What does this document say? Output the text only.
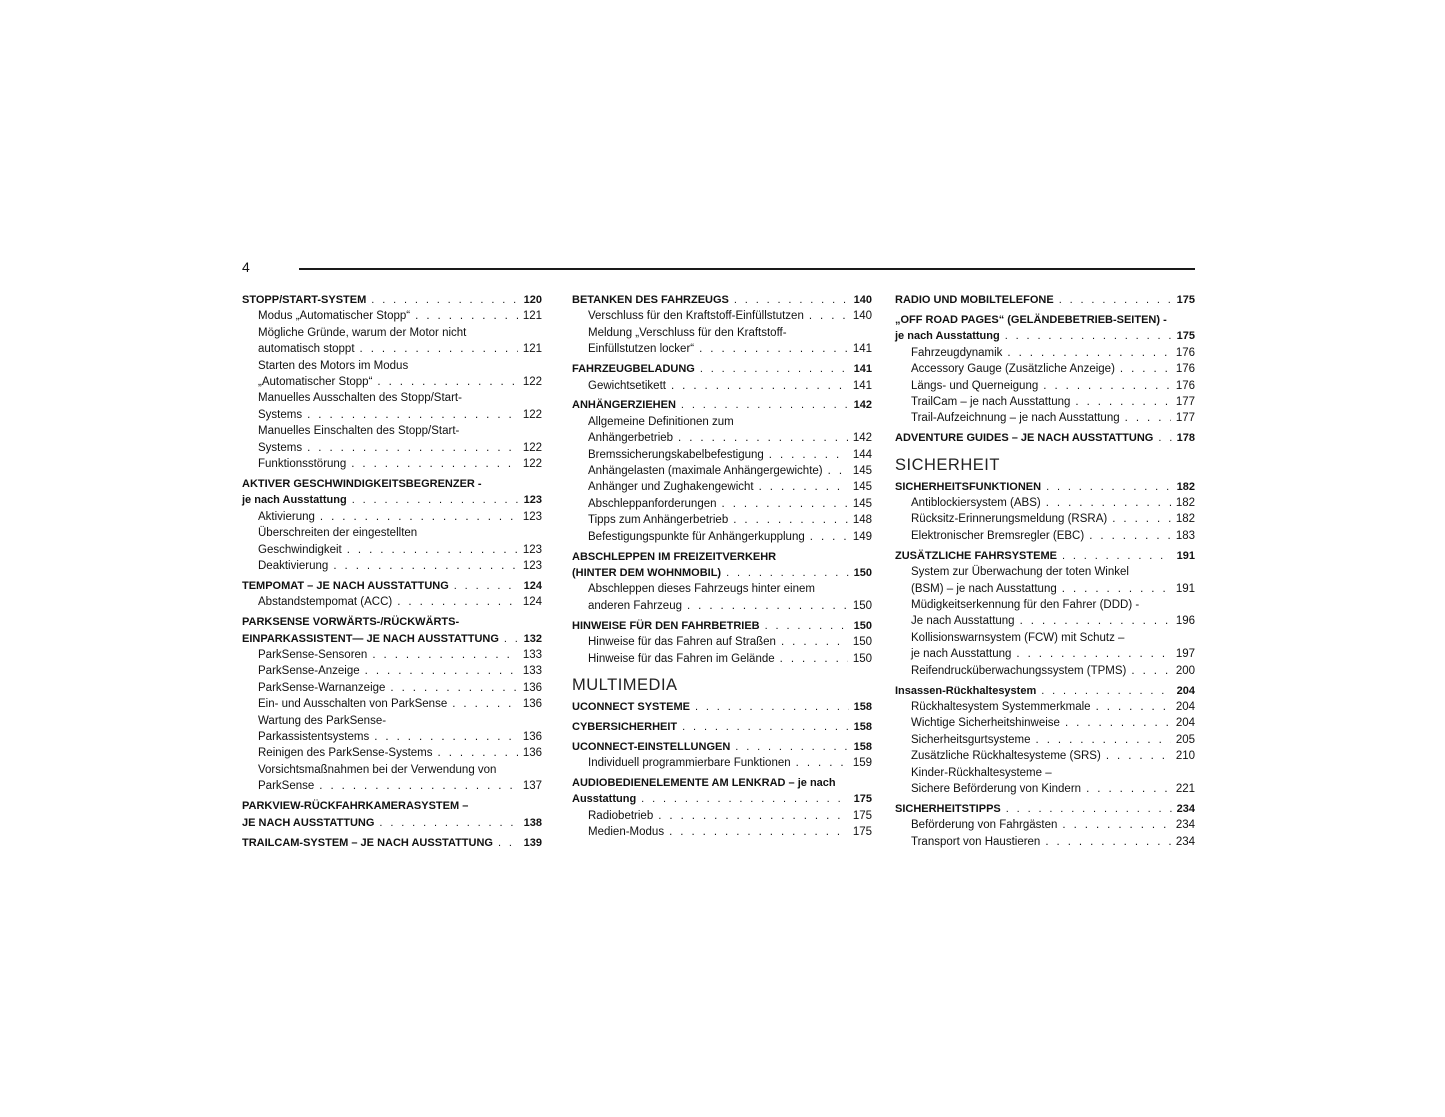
4
STOPP/START-SYSTEM . . .	120
Modus „Automatischer Stopp“ . . .	121
Mögliche Gründe, warum der Motor nicht
automatisch stoppt . . .	121
Starten des Motors im Modus
„Automatischer Stopp“ . . .	122
Manuelles Ausschalten des Stopp/Start-
Systems . . .	122
Manuelles Einschalten des Stopp/Start-
Systems . . .	122
Funktionsstörung . . .	122
AKTIVER GESCHWINDIGKEITSBEGRENZER -
je nach Ausstattung . . .	123
Aktivierung . . .	123
Überschreiten der eingestellten
Geschwindigkeit . . .	123
Deaktivierung . . .	123
TEMPOMAT – JE NACH AUSSTATTUNG . . .	124
Abstandstempomat (ACC) . . .	124
PARKSENSE VORWÄRTS-/RÜCKWÄRTS-
EINPARKASSISTENT— JE NACH AUSSTATTUNG . . . 132
ParkSense-Sensoren . . .	133
ParkSense-Anzeige . . .	133
ParkSense-Warnanzeige . . .	136
Ein- und Ausschalten von ParkSense . . .	136
Wartung des ParkSense-
Parkassistentsystems . . .	136
Reinigen des ParkSense-Systems . . .	136
Vorsichtsmaßnahmen bei der Verwendung von
ParkSense . . .	137
PARKVIEW-RÜCKFAHRKAMERASYSTEM –
JE NACH AUSSTATTUNG . . .	138
TRAILCAM-SYSTEM – JE NACH AUSSTATTUNG . . .	139
BETANKEN DES FAHRZEUGS . . .	140
Verschluss für den Kraftstoff-Einfüllstutzen . . .	140
Meldung „Verschluss für den Kraftstoff-
Einfüllstutzen locker“ . . .	141
FAHRZEUGBELADUNG . . .	141
Gewichtsetikett . . .	141
ANHÄNGERZIEHEN . . .	142
Allgemeine Definitionen zum
Anhängerbetrieb . . .	142
Bremssicherungskabelbefestigung . . .	144
Anhängelasten (maximale Anhängergewichte) . . .	145
Anhänger und Zughakengewicht . . .	145
Abschleppanforderungen . . .	145
Tipps zum Anhängerbetrieb . . .	148
Befestigungspunkte für Anhängerkupplung . . .	149
ABSCHLEPPEN IM FREIZEITVERKEHR
(HINTER DEM WOHNMOBIL) . . .	150
Abschleppen dieses Fahrzeugs hinter einem
anderen Fahrzeug . . .	150
HINWEISE FÜR DEN FAHRBETRIEB . . .	150
Hinweise für das Fahren auf Straßen . . .	150
Hinweise für das Fahren im Gelände . . .	150
MULTIMEDIA
UCONNECT SYSTEME . . .	158
CYBERSICHERHEIT . . .	158
UCONNECT-EINSTELLUNGEN . . .	158
Individuell programmierbare Funktionen . . .	159
AUDIOBEDIENELEMENTE AM LENKRAD – je nach
Ausstattung . . .	175
Radiobetrieb . . .	175
Medien-Modus . . .	175
RADIO UND MOBILTELEFONE . . .	175
„OFF ROAD PAGES“ (GELÄNDEBETRIEB-SEITEN) -
je nach Ausstattung . . .	175
Fahrzeugdynamik . . .	176
Accessory Gauge (Zusätzliche Anzeige) . . .	176
Längs- und Querneigung . . .	176
TrailCam – je nach Ausstattung . . .	177
Trail-Aufzeichnung – je nach Ausstattung . . .	177
ADVENTURE GUIDES – JE NACH AUSSTATTUNG . . . 178
SICHERHEIT
SICHERHEITSFUNKTIONEN . . .	182
Antiblockiersystem (ABS) . . .	182
Rücksitz-Erinnerungsmeldung (RSRA) . . .	182
Elektronischer Bremsregler (EBC) . . .	183
ZUSÄTZLICHE FAHRSYSTEME . . .	191
System zur Überwachung der toten Winkel
(BSM) – je nach Ausstattung . . .	191
Müdigkeitserkennung für den Fahrer (DDD) -
Je nach Ausstattung . . .	196
Kollisionswarnsystem (FCW) mit Schutz –
je nach Ausstattung . . .	197
Reifendrucküberwachungssystem (TPMS) . . .	200
Insassen-Rückhaltesystem . . .	204
Rückhaltesystem Systemmerkmale . . .	204
Wichtige Sicherheitshinweise . . .	204
Sicherheitsgurtsysteme . . .	205
Zusätzliche Rückhaltesysteme (SRS) . . .	210
Kinder-Rückhaltesysteme –
Sichere Beförderung von Kindern . . .	221
SICHERHEITSTIPPS . . .	234
Beförderung von Fahrgästen . . .	234
Transport von Haustieren . . .	234
